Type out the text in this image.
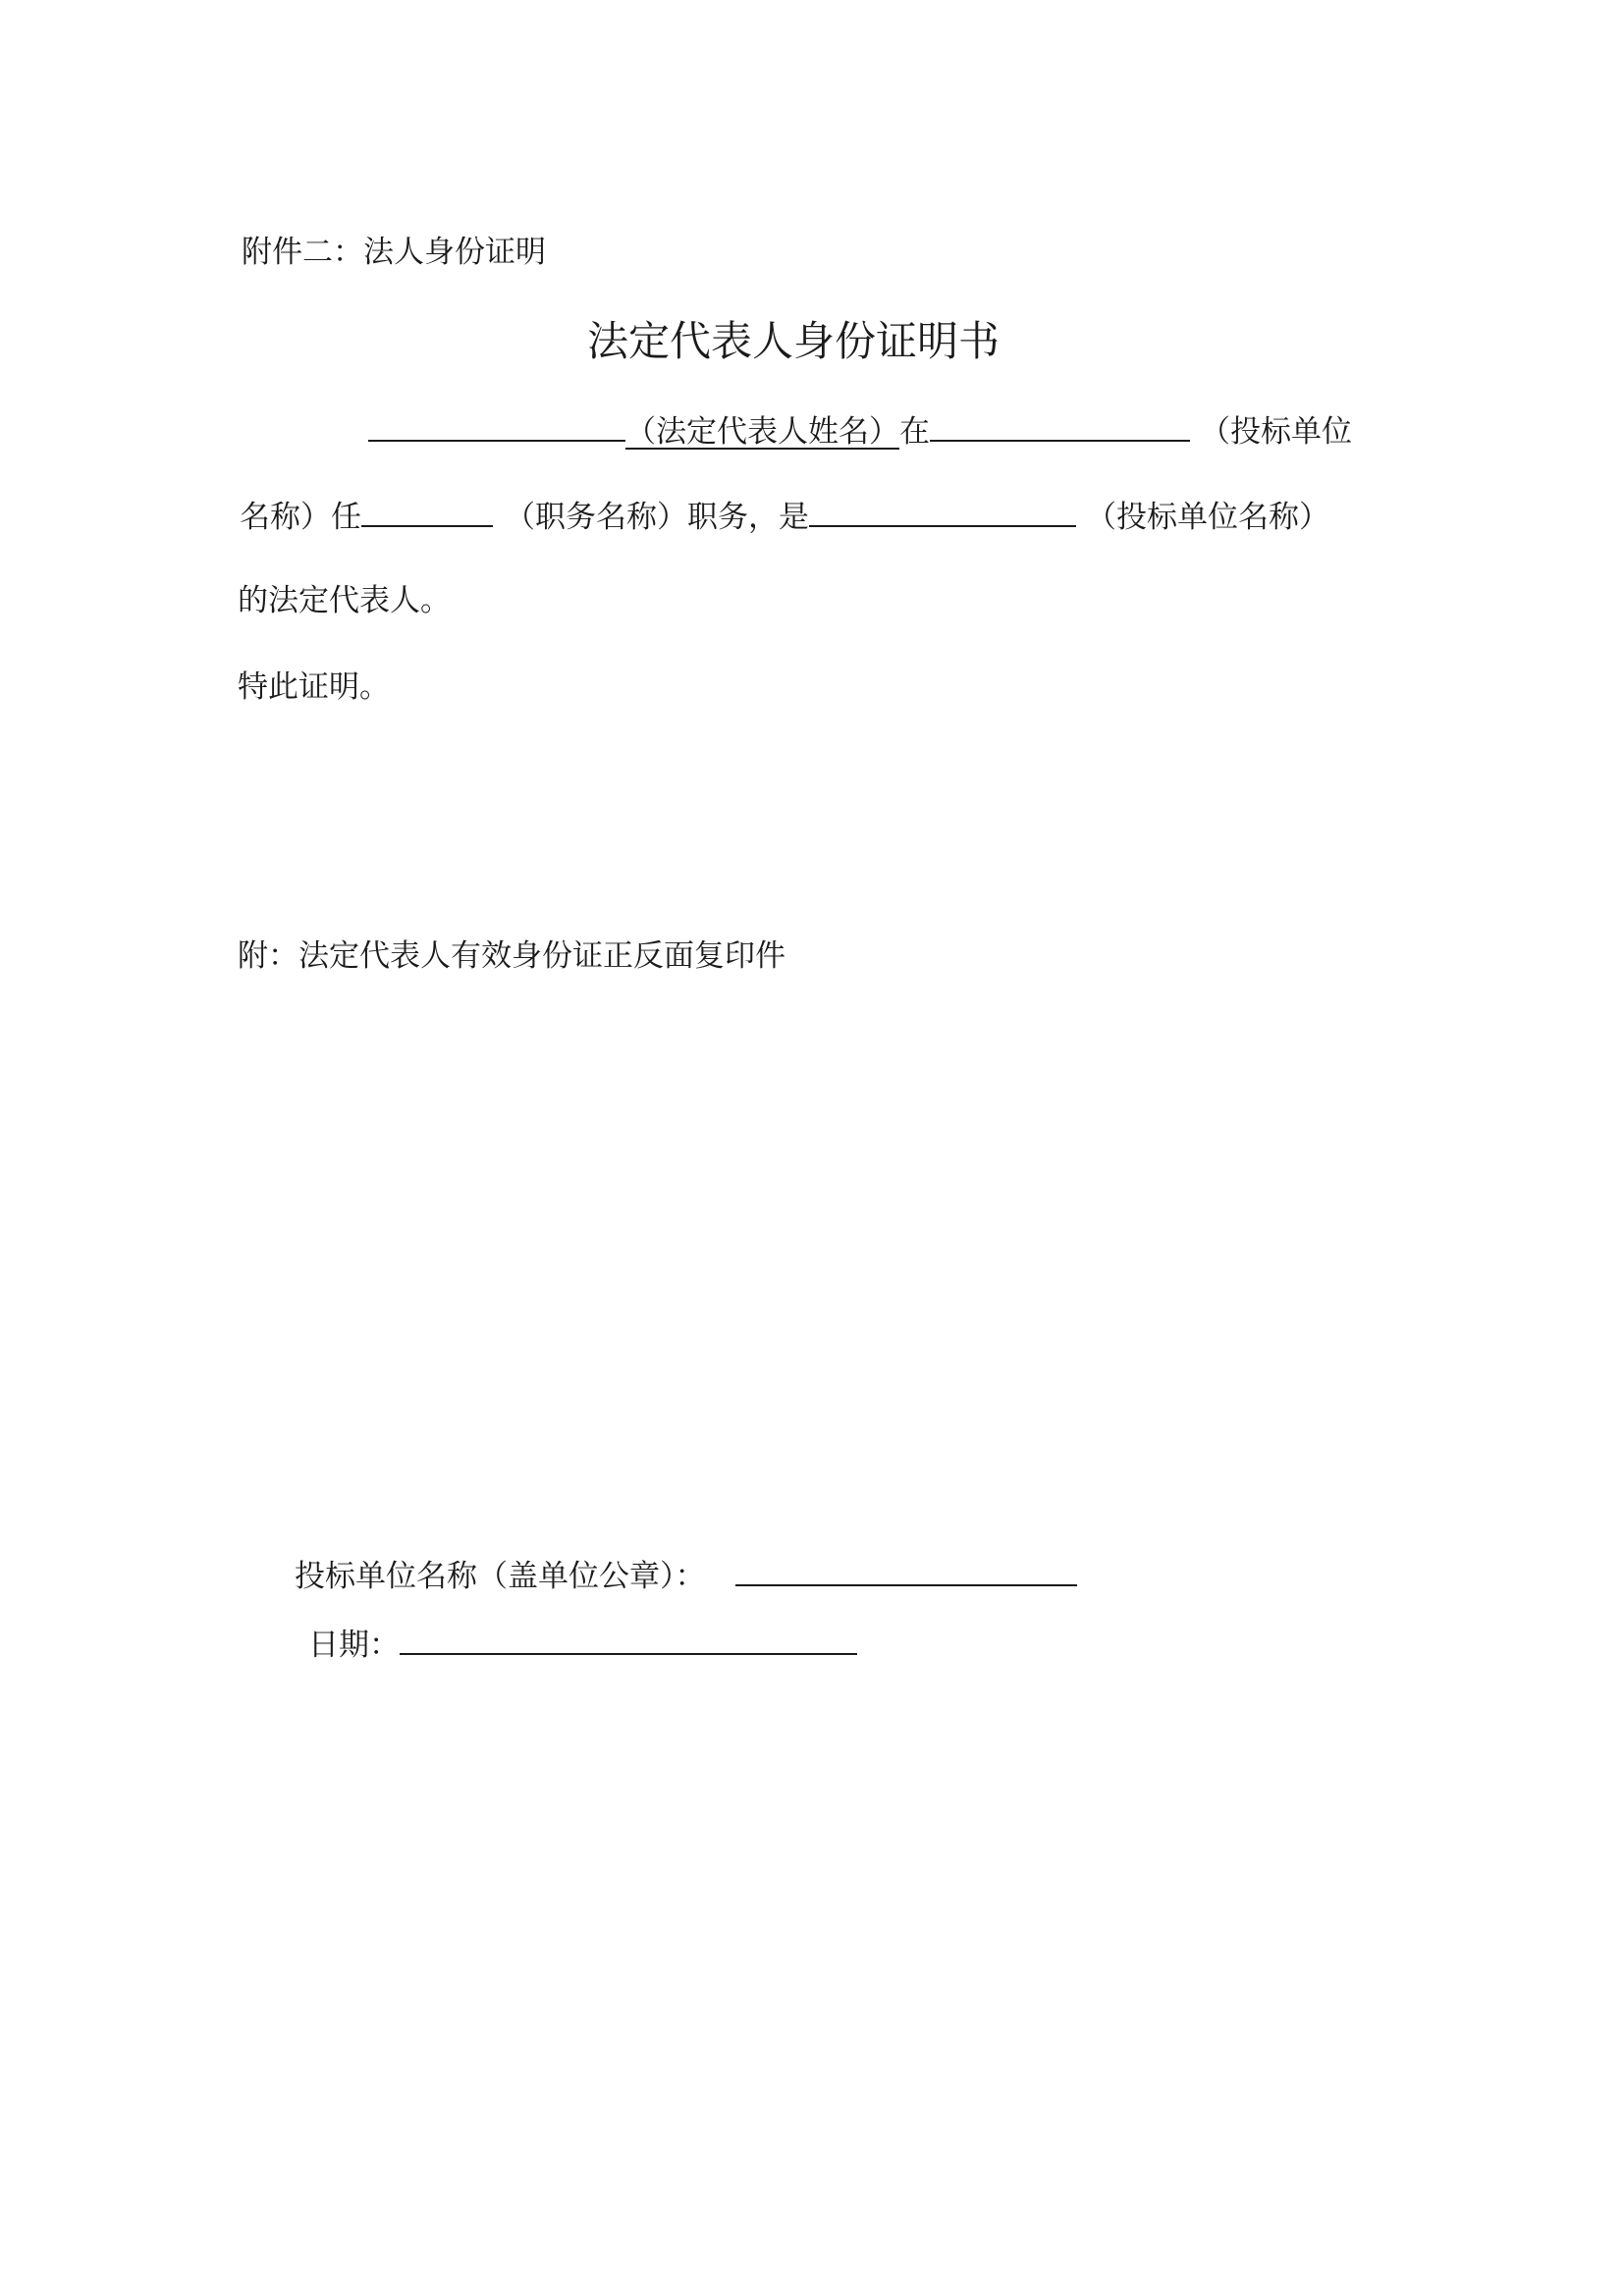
附件二：法人身份证明
法定代表人身份证明书
（法定代表人姓名）在	（投标单位
名称）任	（职务名称）职务，是	（投标单位名称）
的法定代表人。
特此证明。
附：法定代表人有效身份证正反面复印件
投标单位名称（盖单位公章）：
日期：
